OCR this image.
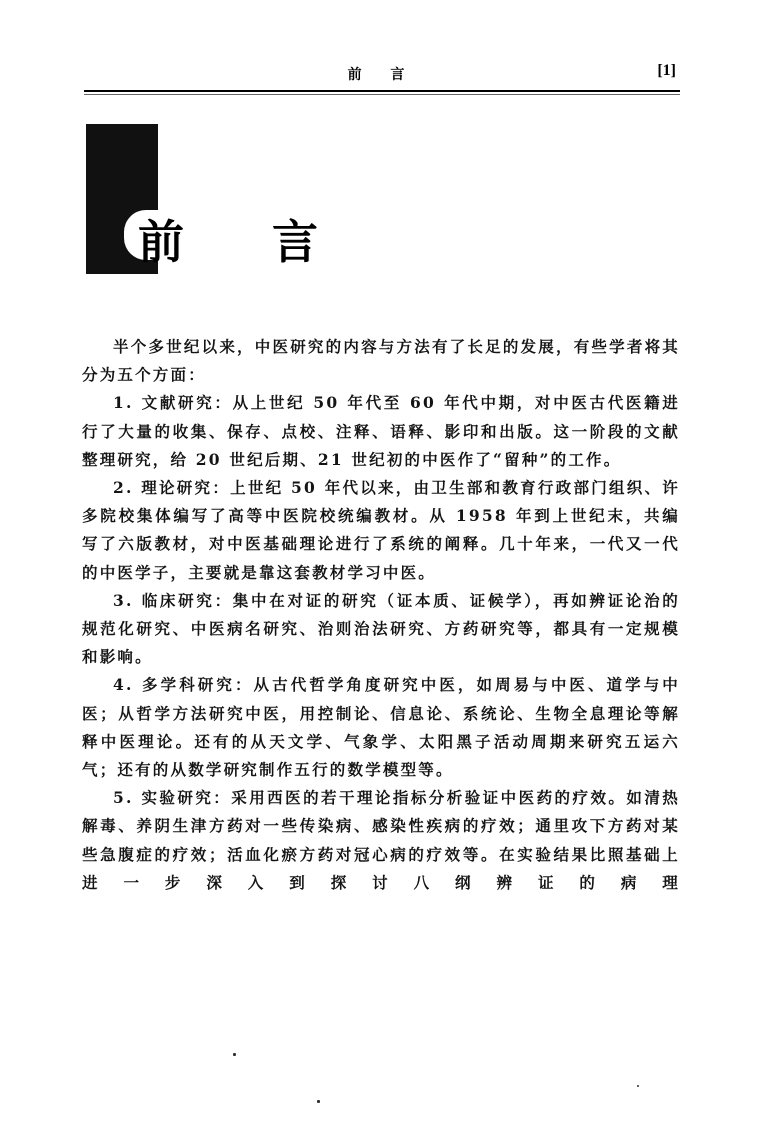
前 言	[1]
前 言

半个多世纪以来，中医研究的内容与方法有了长足的发展，有些学者将其分为五个方面：

1. 文献研究：从上世纪 50 年代至 60 年代中期，对中医古代医籍进行了大量的收集、保存、点校、注释、语释、影印和出版。这一阶段的文献整理研究，给 20 世纪后期、21 世纪初的中医作了“留种”的工作。

2. 理论研究：上世纪 50 年代以来，由卫生部和教育行政部门组织、许多院校集体编写了高等中医院校统编教材。从 1958 年到上世纪末，共编写了六版教材，对中医基础理论进行了系统的阐释。几十年来，一代又一代的中医学子，主要就是靠这套教材学习中医。

3. 临床研究：集中在对证的研究（证本质、证候学），再如辨证论治的规范化研究、中医病名研究、治则治法研究、方药研究等，都具有一定规模和影响。

4. 多学科研究：从古代哲学角度研究中医，如周易与中医、道学与中医；从哲学方法研究中医，用控制论、信息论、系统论、生物全息理论等解释中医理论。还有的从天文学、气象学、太阳黑子活动周期来研究五运六气；还有的从数学研究制作五行的数学模型等。

5. 实验研究：采用西医的若干理论指标分析验证中医药的疗效。如清热解毒、养阴生津方药对一些传染病、感染性疾病的疗效；通里攻下方药对某些急腹症的疗效；活血化瘀方药对冠心病的疗效等。在实验结果比照基础上进一步深入到探讨八纲辨证的病理
